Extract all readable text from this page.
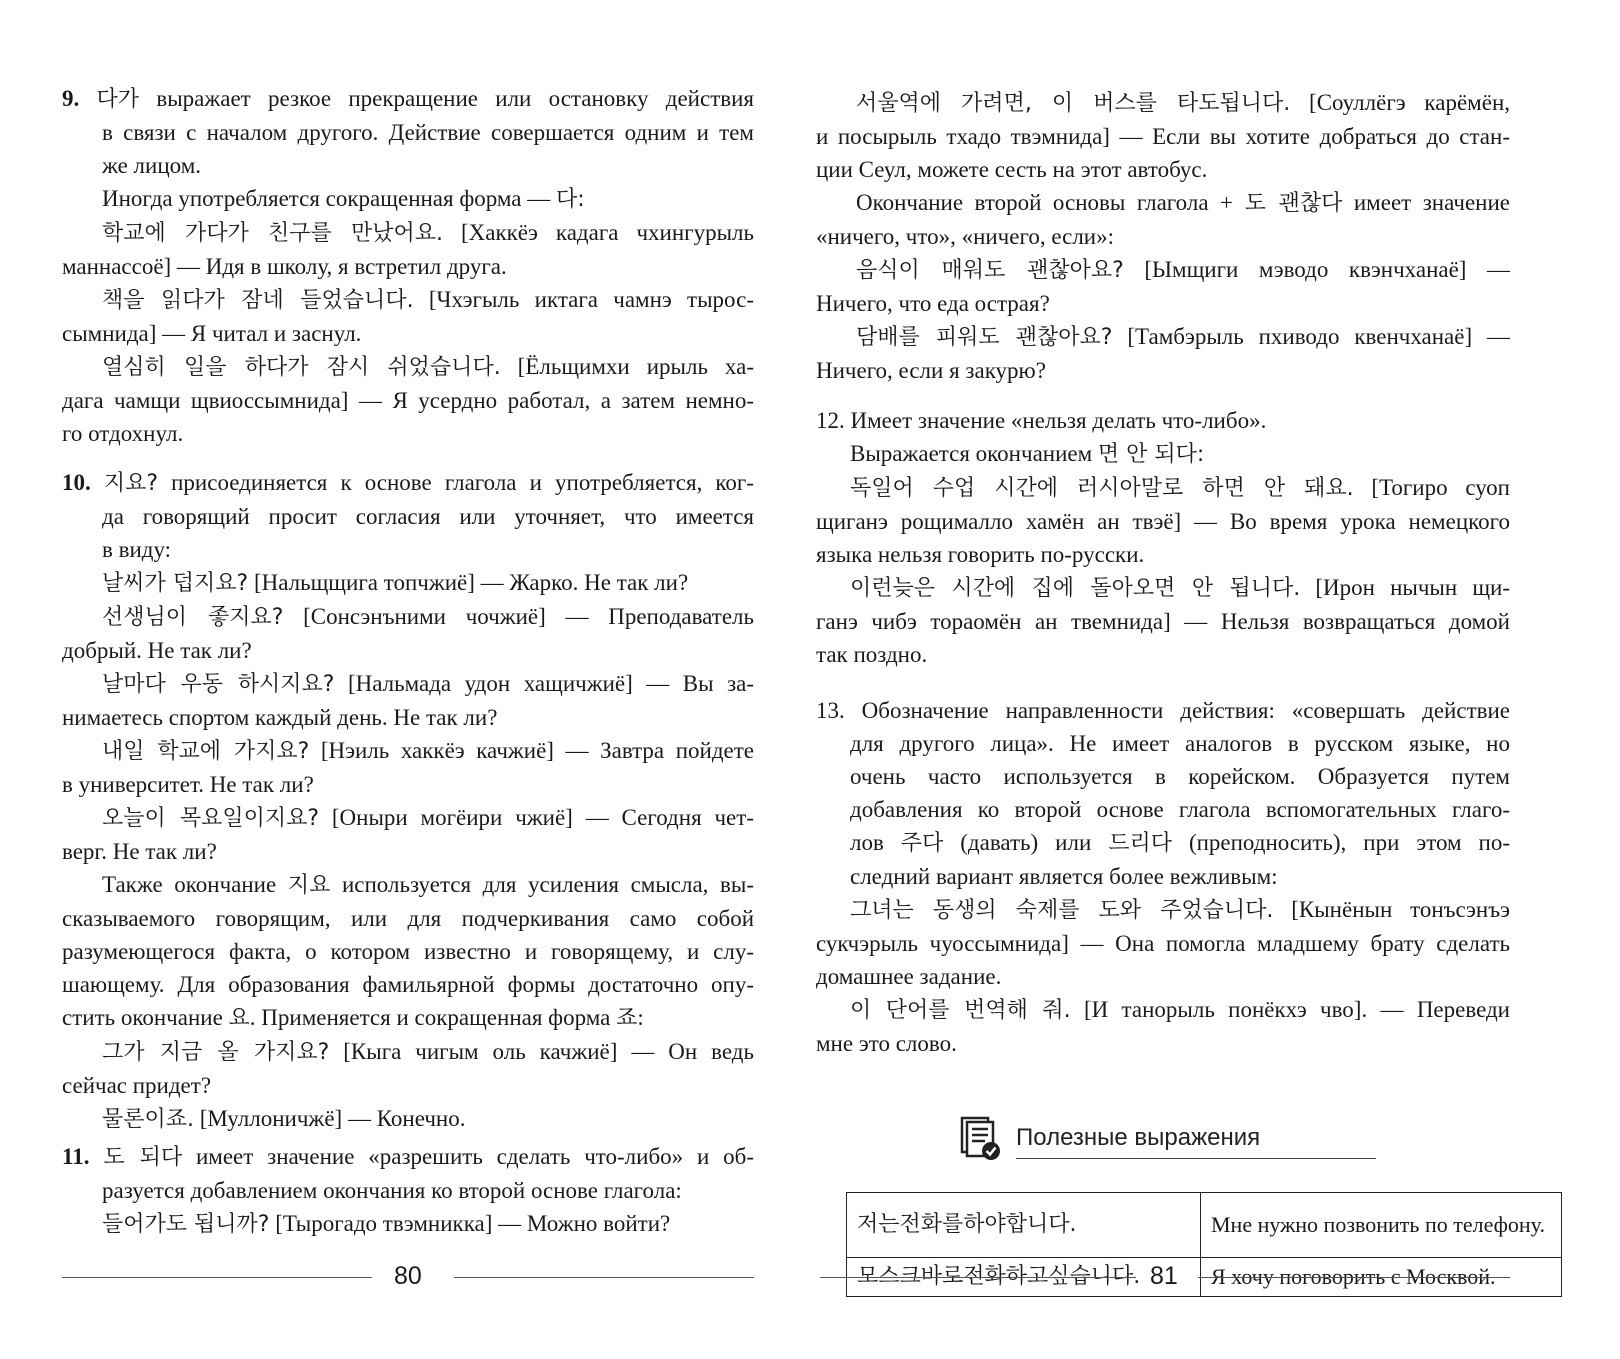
9. 다가 выражает резкое прекращение или остановку действия
в связи с началом другого. Действие совершается одним и тем
же лицом.
Иногда употребляется сокращенная форма — 다:
학교에 가다가 친구를 만났어요. [Хаккёэ кадага чхингурыль
маннассоё] — Идя в школу, я встретил друга.
책을 읽다가 잠네 들었습니다. [Чхэгыль иктага чамнэ тырос-
сымнида] — Я читал и заснул.
열심히 일을 하다가 잠시 쉬었습니다. [Ёльщимхи ирыль ха-
дага чамщи щвиоссымнида] — Я усердно работал, а затем немно-
го отдохнул.
10. 지요? присоединяется к основе глагола и употребляется, ког-
да говорящий просит согласия или уточняет, что имеется
в виду:
날씨가 덥지요? [Нальщщига топчжиё] — Жарко. Не так ли?
선생님이 좋지요? [Сонсэнъними чочжиё] — Преподаватель
добрый. Не так ли?
날마다 우동 하시지요? [Нальмада удон хащичжиё] — Вы за-
нимаетесь спортом каждый день. Не так ли?
내일 학교에 가지요? [Нэиль хаккёэ качжиё] — Завтра пойдете
в университет. Не так ли?
오늘이 목요일이지요? [Оныри могёири чжиё] — Сегодня чет-
верг. Не так ли?
Также окончание 지요 используется для усиления смысла, вы-
сказываемого говорящим, или для подчеркивания само собой
разумеющегося факта, о котором известно и говорящему, и слу-
шающему. Для образования фамильярной формы достаточно опу-
стить окончание 요. Применяется и сокращенная форма 죠:
그가 지금 올 가지요? [Кыга чигым оль качжиё] — Он ведь
сейчас придет?
물론이죠. [Муллоничжё] — Конечно.
11. 도 되다 имеет значение «разрешить сделать что-либо» и об-
разуется добавлением окончания ко второй основе глагола:
들어가도 됩니까? [Тырогадо твэмникка] — Можно войти?
80
서울역에 가려면, 이 버스를 타도됩니다. [Соуллёгэ карёмён,
и посырыль тхадо твэмнида] — Если вы хотите добраться до стан-
ции Сеул, можете сесть на этот автобус.
Окончание второй основы глагола + 도 괜찮다 имеет значение
«ничего, что», «ничего, если»:
음식이 매워도 괜찮아요? [Ымщиги мэводо квэнчханаё] —
Ничего, что еда острая?
담배를 피워도 괜찮아요? [Тамбэрыль пхиводо квенчханаё] —
Ничего, если я закурю?
12. Имеет значение «нельзя делать что-либо».
Выражается окончанием 면 안 되다:
독일어 수업 시간에 러시아말로 하면 안 돼요. [Тогиро суоп
щиганэ рощималло хамён ан твэё] — Во время урока немецкого
языка нельзя говорить по-русски.
이런늦은 시간에 집에 돌아오면 안 됩니다. [Ирон нычын щи-
ганэ чибэ тораомён ан твемнида] — Нельзя возвращаться домой
так поздно.
13. Обозначение направленности действия: «совершать действие
для другого лица». Не имеет аналогов в русском языке, но
очень часто используется в корейском. Образуется путем
добавления ко второй основе глагола вспомогательных глаго-
лов 주다 (давать) или 드리다 (преподносить), при этом по-
следний вариант является более вежливым:
그녀는 동생의 숙제를 도와 주었습니다. [Кынёнын тонъсэнъэ
сукчэрыль чуоссымнида] — Она помогла младшему брату сделать
домашнее задание.
이 단어를 번역해 줘. [И танорыль понёкхэ чво]. — Переведи
мне это слово.
Полезные выражения
저는전화를하야합니다.	Мне нужно позвонить по телефону.
모스크바로전화하고싶습니다.	Я хочу поговорить с Москвой.
81
